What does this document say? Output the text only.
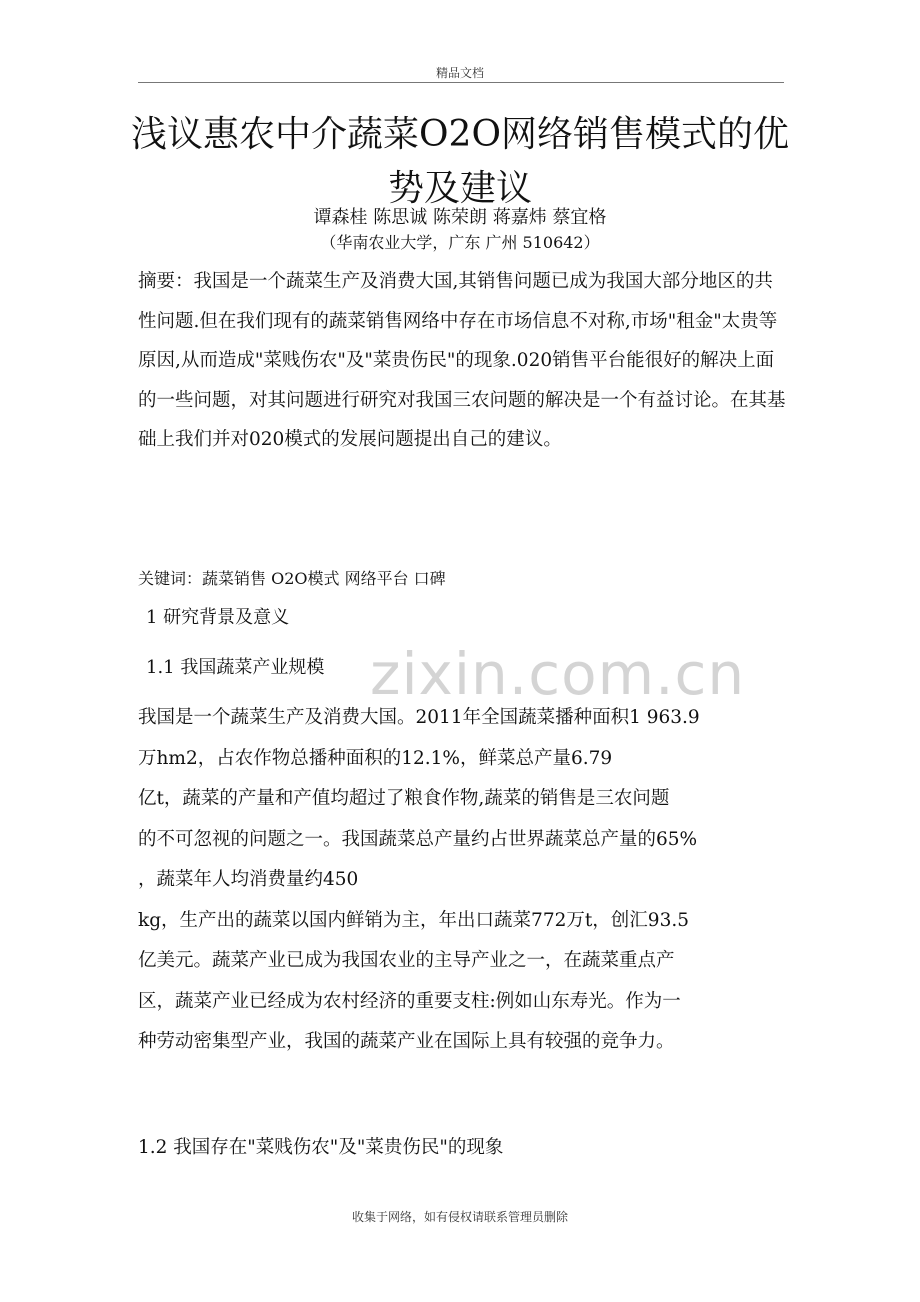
精品文档
浅议惠农中介蔬菜O2O网络销售模式的优势及建议
谭森桂 陈思诚 陈荣朗 蒋嘉炜 蔡宜格
（华南农业大学，广东 广州 510642）

摘要：我国是一个蔬菜生产及消费大国,其销售问题已成为我国大部分地区的共性问题.但在我们现有的蔬菜销售网络中存在市场信息不对称,市场"租金"太贵等原因,从而造成"菜贱伤农"及"菜贵伤民"的现象.020销售平台能很好的解决上面的一些问题，对其问题进行研究对我国三农问题的解决是一个有益讨论。在其基础上我们并对020模式的发展问题提出自己的建议。

关键词：蔬菜销售 O2O模式 网络平台 口碑
1 研究背景及意义
1.1 我国蔬菜产业规模 zixin.com.cn
我国是一个蔬菜生产及消费大国。2011年全国蔬菜播种面积1 963.9
万hm2，占农作物总播种面积的12.1%，鲜菜总产量6.79
亿t，蔬菜的产量和产值均超过了粮食作物,蔬菜的销售是三农问题
的不可忽视的问题之一。我国蔬菜总产量约占世界蔬菜总产量的65%
，蔬菜年人均消费量约450
kg，生产出的蔬菜以国内鲜销为主，年出口蔬菜772万t，创汇93.5
亿美元。蔬菜产业已成为我国农业的主导产业之一，在蔬菜重点产
区，蔬菜产业已经成为农村经济的重要支柱:例如山东寿光。作为一
种劳动密集型产业，我国的蔬菜产业在国际上具有较强的竞争力。
1.2 我国存在"菜贱伤农"及"菜贵伤民"的现象
收集于网络，如有侵权请联系管理员删除
